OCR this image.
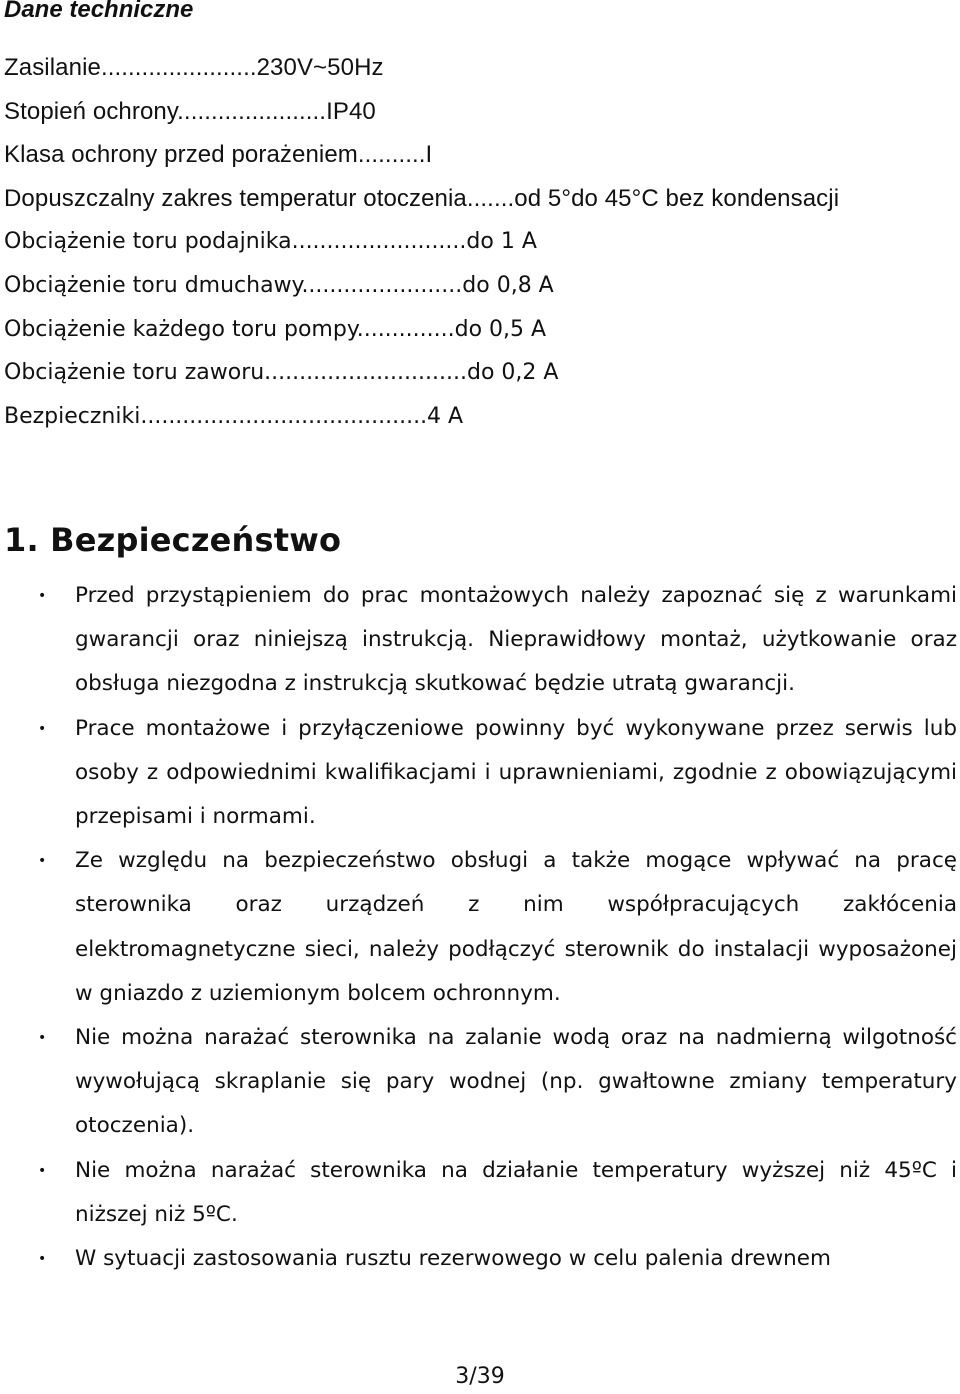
Dane techniczne
Zasilanie.......................230V~50Hz
Stopień ochrony......................IP40
Klasa ochrony przed porażeniem..........I
Dopuszczalny zakres temperatur otoczenia.......od 5°do 45°C bez kondensacji
Obciążenie toru podajnika.........................do 1 A
Obciążenie toru dmuchawy.......................do 0,8 A
Obciążenie każdego toru pompy..............do 0,5 A
Obciążenie toru zaworu.............................do 0,2 A
Bezpieczniki.........................................4 A
1. Bezpieczeństwo
• Przed przystąpieniem do prac montażowych należy zapoznać się z warunkami gwarancji oraz niniejszą instrukcją. Nieprawidłowy montaż, użytkowanie oraz obsługa niezgodna z instrukcją skutkować będzie utratą gwarancji.
• Prace montażowe i przyłączeniowe powinny być wykonywane przez serwis lub osoby z odpowiednimi kwalifikacjami i uprawnieniami, zgodnie z obowiązującymi przepisami i normami.
• Ze względu na bezpieczeństwo obsługi a także mogące wpływać na pracę sterownika oraz urządzeń z nim współpracujących zakłócenia elektromagnetyczne sieci, należy podłączyć sterownik do instalacji wyposażonej w gniazdo z uziemionym bolcem ochronnym.
• Nie można narażać sterownika na zalanie wodą oraz na nadmierną wilgotność wywołującą skraplanie się pary wodnej (np. gwałtowne zmiany temperatury otoczenia).
• Nie można narażać sterownika na działanie temperatury wyższej niż 45ºC i niższej niż 5ºC.
• W sytuacji zastosowania rusztu rezerwowego w celu palenia drewnem
3/39
